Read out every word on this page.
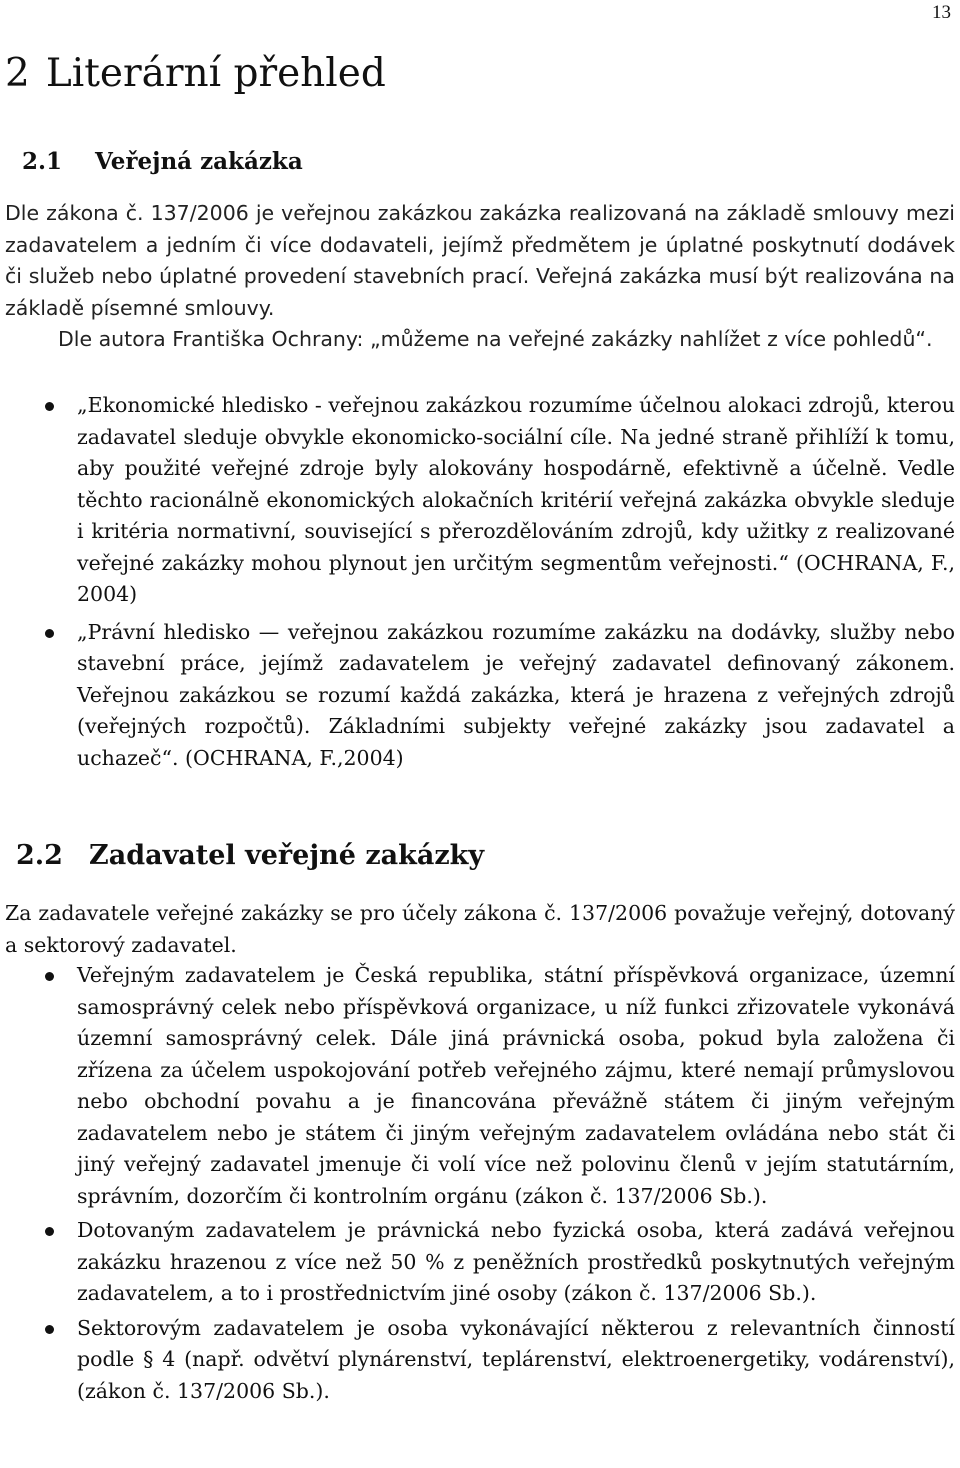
13
2 Literární přehled
2.1 Veřejná zakázka

Dle zákona č. 137/2006 je veřejnou zakázkou zakázka realizovaná na základě smlouvy mezi zadavatelem a jedním či více dodavateli, jejímž předmětem je úplatné poskytnutí dodávek či služeb nebo úplatné provedení stavebních prací. Veřejná zakázka musí být realizována na základě písemné smlouvy.

Dle autora Františka Ochrany: „můžeme na veřejné zakázky nahlížet z více pohledů“.

„Ekonomické hledisko - veřejnou zakázkou rozumíme účelnou alokaci zdrojů, kterou zadavatel sleduje obvykle ekonomicko-sociální cíle. Na jedné straně přihlíží k tomu, aby použité veřejné zdroje byly alokovány hospodárně, efektivně a účelně. Vedle těchto racionálně ekonomických alokačních kritérií veřejná zakázka obvykle sleduje i kritéria normativní, související s přerozdělováním zdrojů, kdy užitky z realizované veřejné zakázky mohou plynout jen určitým segmentům veřejnosti.“ (OCHRANA, F., 2004)
„Právní hledisko — veřejnou zakázkou rozumíme zakázku na dodávky, služby nebo stavební práce, jejímž zadavatelem je veřejný zadavatel definovaný zákonem. Veřejnou zakázkou se rozumí každá zakázka, která je hrazena z veřejných zdrojů (veřejných rozpočtů). Základními subjekty veřejné zakázky jsou zadavatel a uchazeč“. (OCHRANA, F.,2004)
2.2 Zadavatel veřejné zakázky

Za zadavatele veřejné zakázky se pro účely zákona č. 137/2006 považuje veřejný, dotovaný a sektorový zadavatel.

Veřejným zadavatelem je Česká republika, státní příspěvková organizace, územní samosprávný celek nebo příspěvková organizace, u níž funkci zřizovatele vykonává územní samosprávný celek. Dále jiná právnická osoba, pokud byla založena či zřízena za účelem uspokojování potřeb veřejného zájmu, které nemají průmyslovou nebo obchodní povahu a je financována převážně státem či jiným veřejným zadavatelem nebo je státem či jiným veřejným zadavatelem ovládána nebo stát či jiný veřejný zadavatel jmenuje či volí více než polovinu členů v jejím statutárním, správním, dozorčím či kontrolním orgánu (zákon č. 137/2006 Sb.).
Dotovaným zadavatelem je právnická nebo fyzická osoba, která zadává veřejnou zakázku hrazenou z více než 50 % z peněžních prostředků poskytnutých veřejným zadavatelem, a to i prostřednictvím jiné osoby (zákon č. 137/2006 Sb.).
Sektorovým zadavatelem je osoba vykonávající některou z relevantních činností podle § 4 (např. odvětví plynárenství, teplárenství, elektroenergetiky, vodárenství), (zákon č. 137/2006 Sb.).
